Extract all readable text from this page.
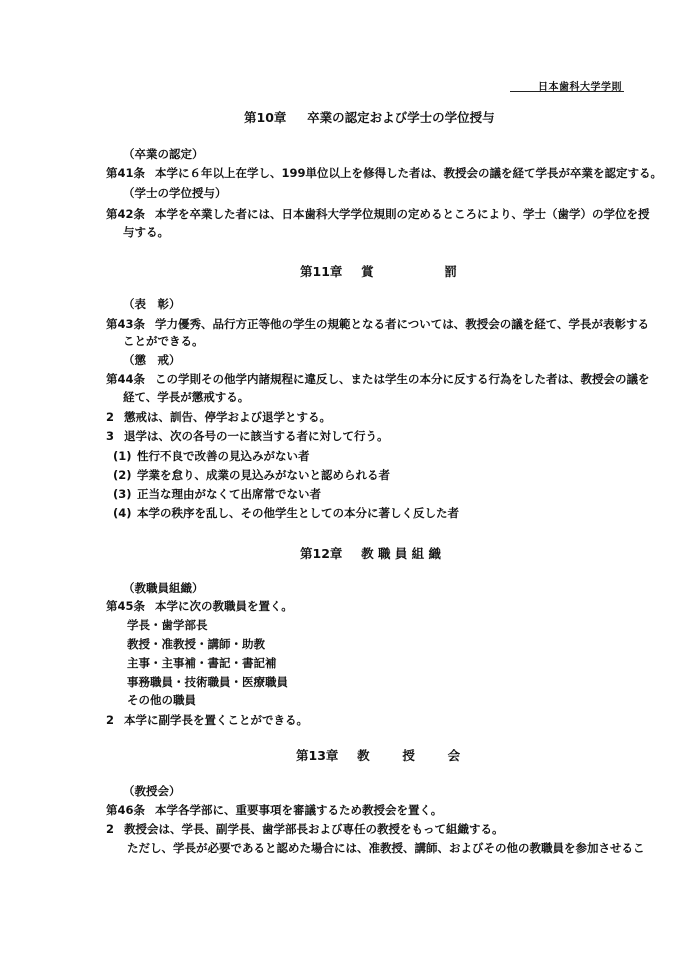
日本歯科大学学則
第10章 卒業の認定および学士の学位授与
（卒業の認定）
第41条 本学に６年以上在学し、199単位以上を修得した者は、教授会の議を経て学長が卒業を認定する。
（学士の学位授与）
第42条 本学を卒業した者には、日本歯科大学学位規則の定めるところにより、学士（歯学）の学位を授
与する。
第11章 賞	罰
（表　彰）
第43条 学力優秀、品行方正等他の学生の規範となる者については、教授会の議を経て、学長が表彰する
ことができる。
（懲　戒）
第44条 この学則その他学内諸規程に違反し、または学生の本分に反する行為をした者は、教授会の議を
経て、学長が懲戒する。
2 懲戒は、訓告、停学および退学とする。
3 退学は、次の各号の一に該当する者に対して行う。
(1) 性行不良で改善の見込みがない者
(2) 学業を怠り、成業の見込みがないと認められる者
(3) 正当な理由がなくて出席常でない者
(4) 本学の秩序を乱し、その他学生としての本分に著しく反した者
第12章 教 職 員 組 織
（教職員組織）
第45条 本学に次の教職員を置く。
学長・歯学部長
教授・准教授・講師・助教
主事・主事補・書記・書記補
事務職員・技術職員・医療職員
その他の職員
2 本学に副学長を置くことができる。
第13章 教	授	会
（教授会）
第46条 本学各学部に、重要事項を審議するため教授会を置く。
2 教授会は、学長、副学長、歯学部長および専任の教授をもって組織する。
ただし、学長が必要であると認めた場合には、准教授、講師、およびその他の教職員を参加させるこ
